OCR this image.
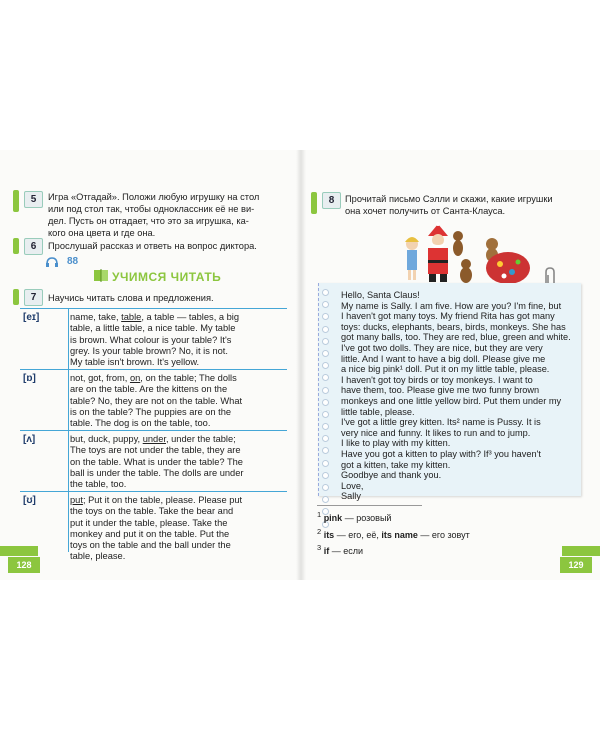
5	Игра «Отгадай». Положи любую игрушку на стол
или под стол так, чтобы одноклассник её не ви-
дел. Пусть он отгадает, что это за игрушка, ка-
кого она цвета и где она.
6	Прослушай рассказ и ответь на вопрос диктора.
88
УЧИМСЯ ЧИТАТЬ
7	Научись читать слова и предложения.
[eɪ]	name, take, table, a table — tables, a big
table, a little table, a nice table. My table
is brown. What colour is your table? It's
grey. Is your table brown? No, it is not.
My table isn't brown. It's yellow.
[ɒ]	not, got, from, on, on the table; The dolls
are on the table. Are the kittens on the
table? No, they are not on the table. What
is on the table? The puppies are on the
table. The dog is on the table, too.
[ʌ]	but, duck, puppy, under, under the table;
The toys are not under the table, they are
on the table. What is under the table? The
ball is under the table. The dolls are under
the table, too.
[ʊ]	put; Put it on the table, please. Please put
the toys on the table. Take the bear and
put it under the table, please. Take the
monkey and put it on the table. Put the
toys on the table and the ball under the
table, please.
128
8	Прочитай письмо Сэлли и скажи, какие игрушки
она хочет получить от Санта-Клауса.
Hello, Santa Claus!
My name is Sally. I am five. How are you? I'm fine, but
I haven't got many toys. My friend Rita has got many
toys: ducks, elephants, bears, birds, monkeys. She has
got many balls, too. They are red, blue, green and white.
I've got two dolls. They are nice, but they are very
little. And I want to have a big doll. Please give me
a nice big pink¹ doll. Put it on my little table, please.
I haven't got toy birds or toy monkeys. I want to
have them, too. Please give me two funny brown
monkeys and one little yellow bird. Put them under my
little table, please.
I've got a little grey kitten. Its² name is Pussy. It is
very nice and funny. It likes to run and to jump.
I like to play with my kitten.
Have you got a kitten to play with? If³ you haven't
got a kitten, take my kitten.
Goodbye and thank you.
Love,
Sally
$^1$ pink — розовый
$^2$ its — его, её, its name — его зовут
$^3$ if — если
129
